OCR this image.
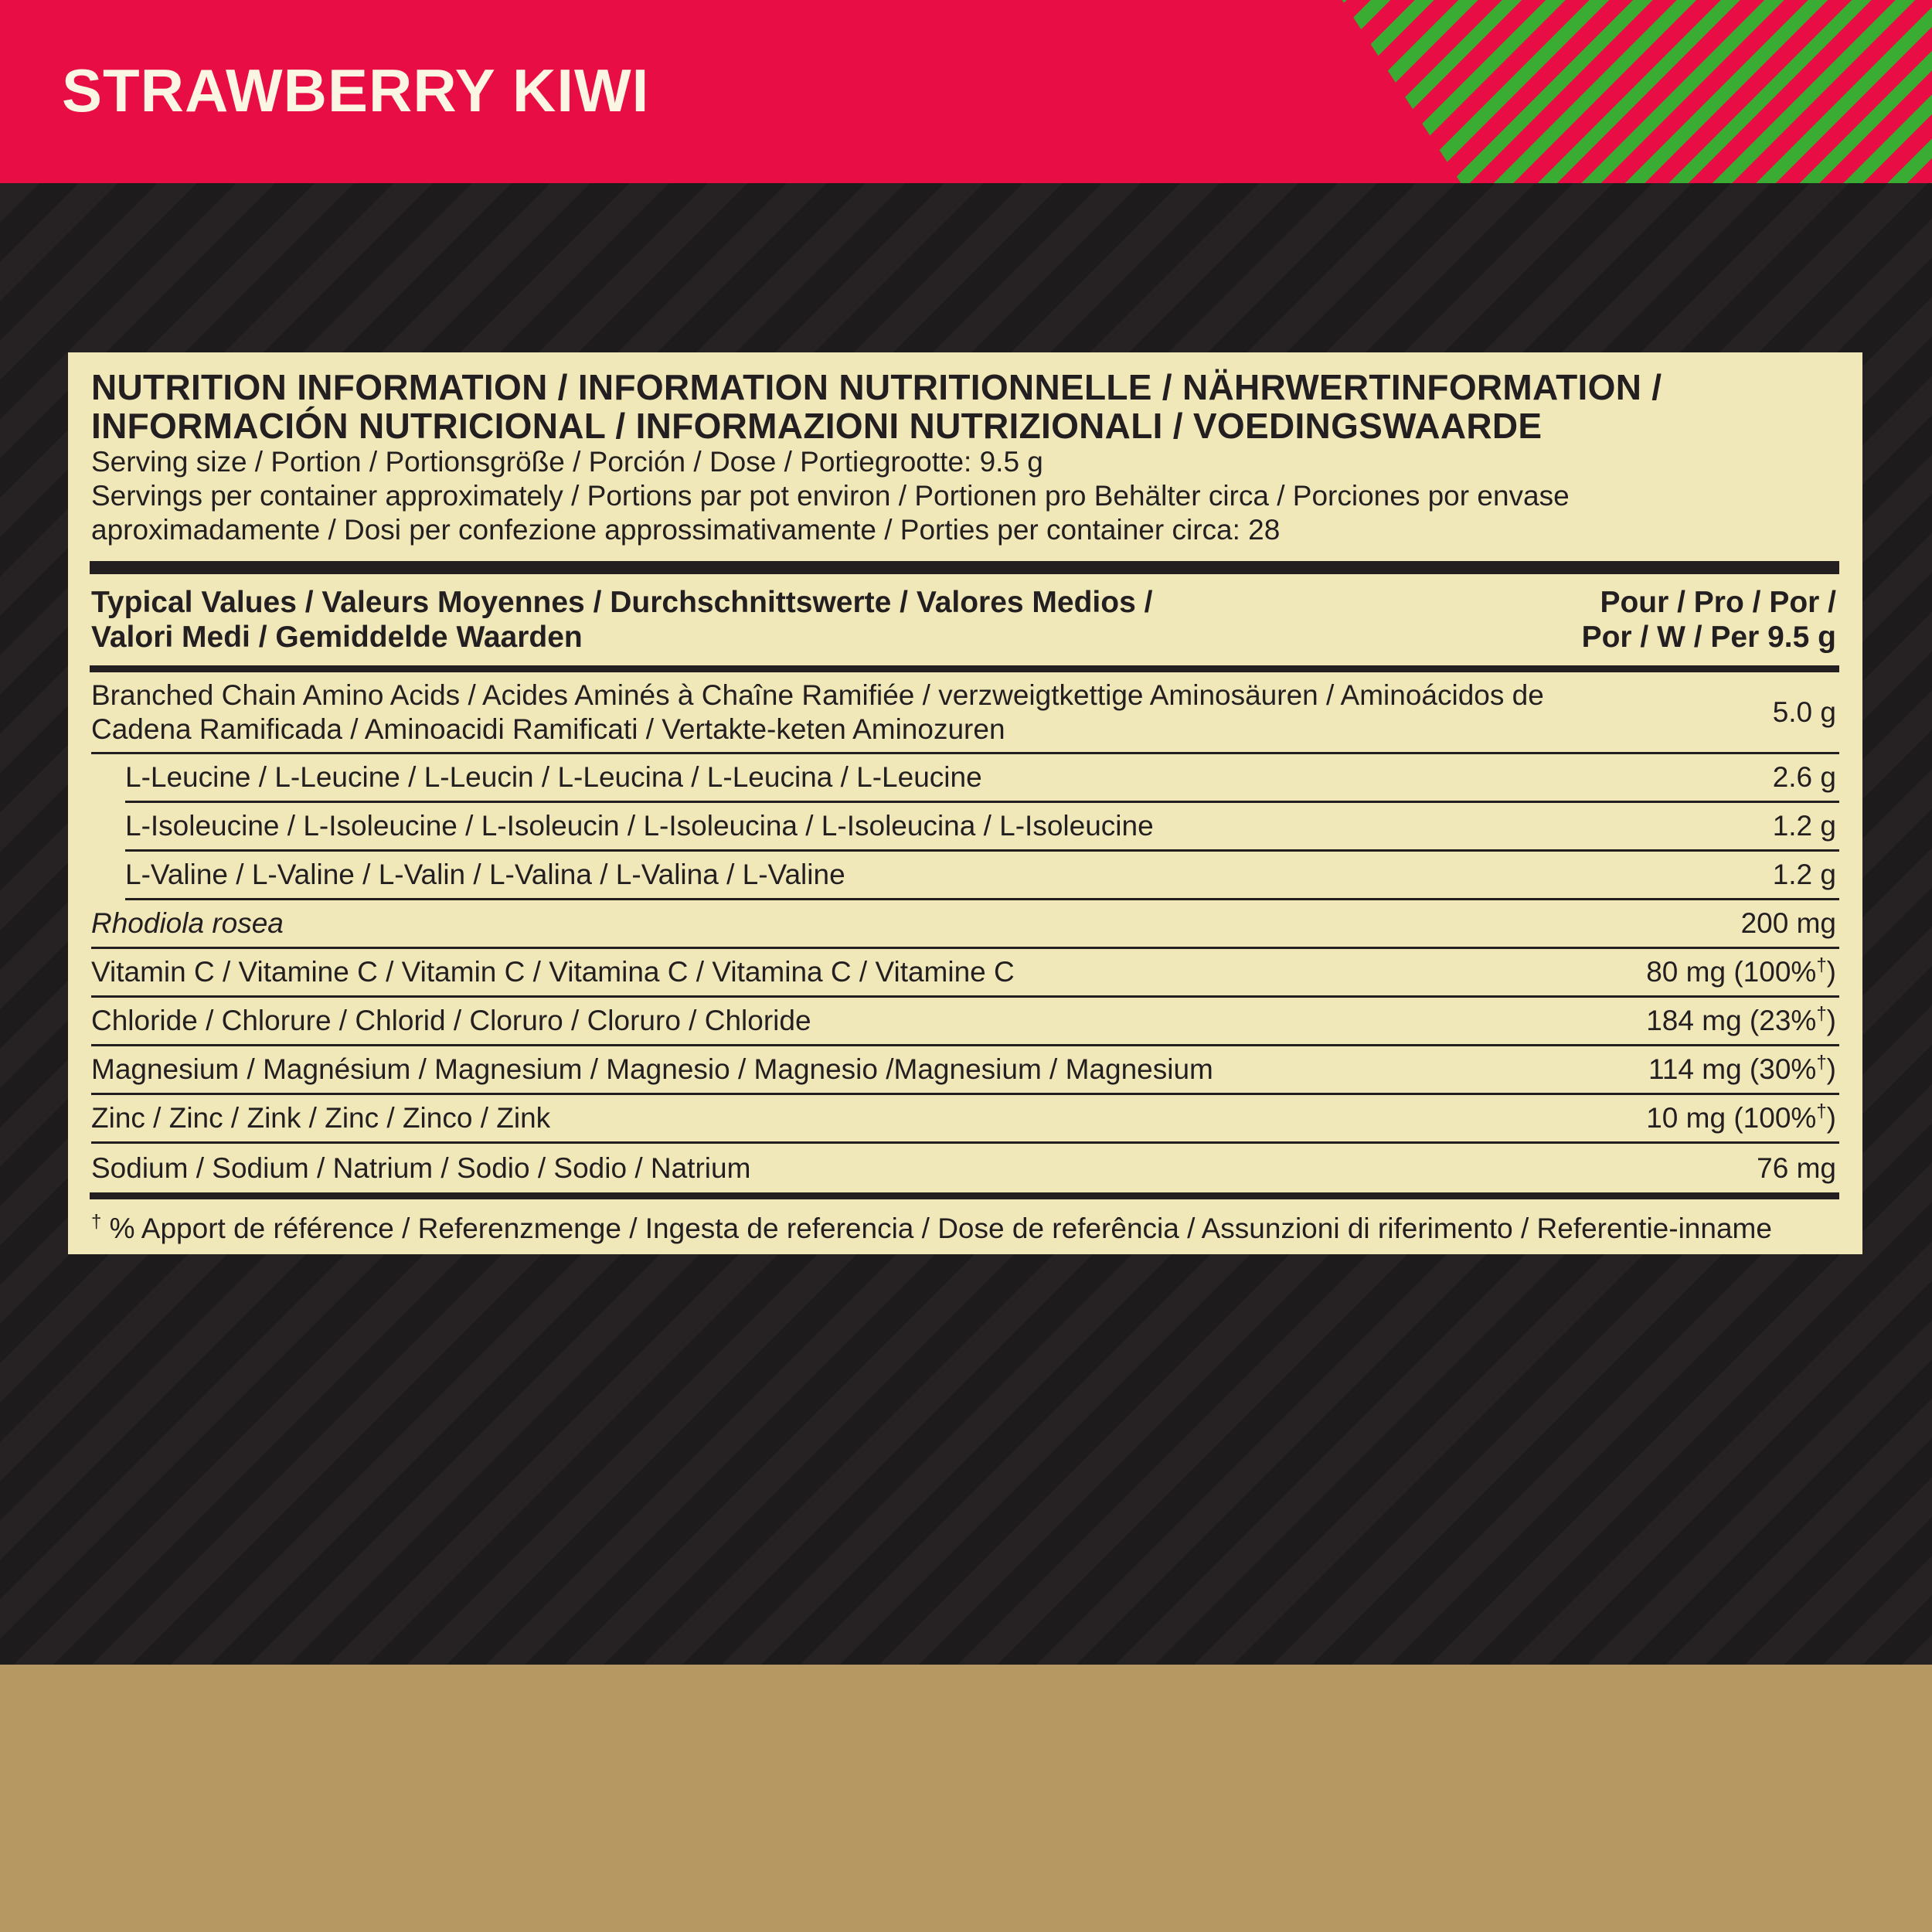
STRAWBERRY KIWI
NUTRITION INFORMATION / INFORMATION NUTRITIONNELLE / NÄHRWERTINFORMATION /
INFORMACIÓN NUTRICIONAL / INFORMAZIONI NUTRIZIONALI / VOEDINGSWAARDE

Serving size / Portion / Portionsgröße / Porción / Dose / Portiegrootte: 9.5 g

Servings per container approximately / Portions par pot environ / Portionen pro Behälter circa / Porciones por envase

aproximadamente / Dosi per confezione approssimativamente / Porties per container circa: 28

Typical Values / Valeurs Moyennes / Durchschnittswerte / Valores Medios /
Valori Medi / Gemiddelde Waarden
Pour / Pro / Por /
Por / W / Per 9.5 g
Branched Chain Amino Acids / Acides Aminés à Chaîne Ramifiée / verzweigtkettige Aminosäuren / Aminoácidos de Cadena Ramificada / Aminoacidi Ramificati / Vertakte-keten Aminozuren
5.0 g
L-Leucine / L-Leucine / L-Leucin / L-Leucina / L-Leucina / L-Leucine	2.6 g
L-Isoleucine / L-Isoleucine / L-Isoleucin / L-Isoleucina / L-Isoleucina / L-Isoleucine	1.2 g
L-Valine / L-Valine / L-Valin / L-Valina / L-Valina / L-Valine	1.2 g
Rhodiola rosea	200 mg
Vitamin C / Vitamine C / Vitamin C / Vitamina C / Vitamina C / Vitamine C	80 mg (100%†)
Chloride / Chlorure / Chlorid / Cloruro / Cloruro / Chloride	184 mg (23%†)
Magnesium / Magnésium / Magnesium / Magnesio / Magnesio /Magnesium / Magnesium	114 mg (30%†)
Zinc / Zinc / Zink / Zinc / Zinco / Zink	10 mg (100%†)
Sodium / Sodium / Natrium / Sodio / Sodio / Natrium	76 mg
† % Apport de référence / Referenzmenge / Ingesta de referencia / Dose de referência / Assunzioni di riferimento / Referentie-inname
